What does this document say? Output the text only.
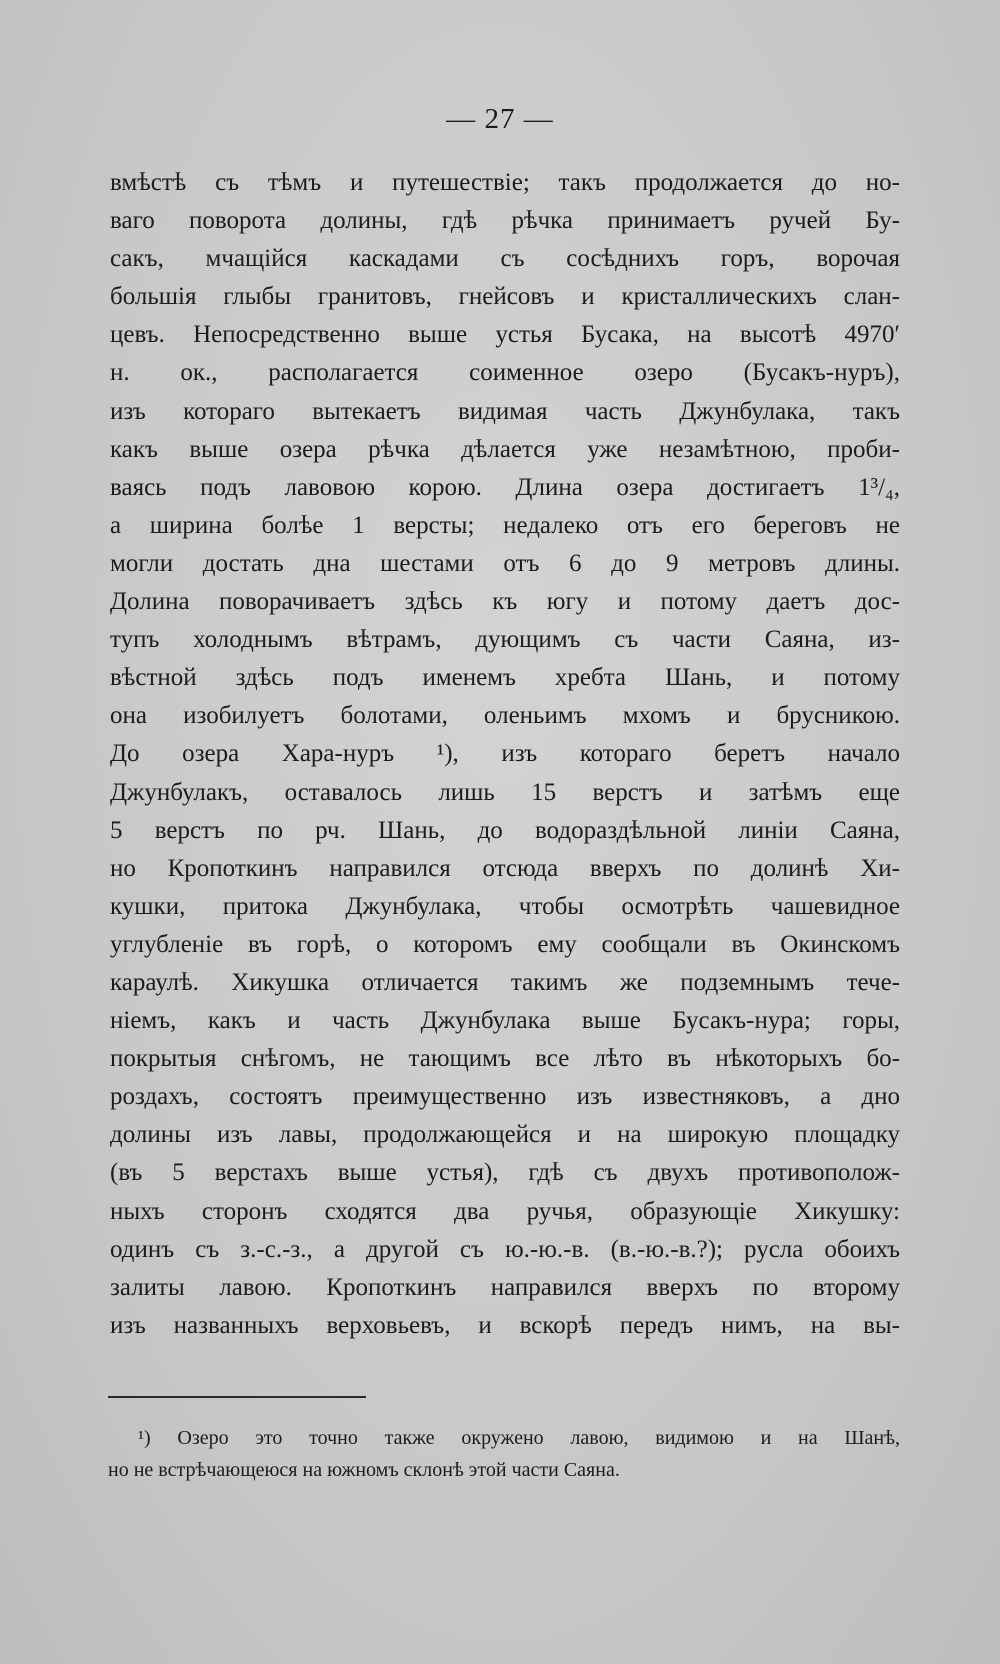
— 27 —
вмѣстѣ съ тѣмъ и путешествіе; такъ продолжается до но-
ваго поворота долины, гдѣ рѣчка принимаетъ ручей Бу-
сакъ, мчащійся каскадами съ сосѣднихъ горъ, ворочая
большія глыбы гранитовъ, гнейсовъ и кристаллическихъ слан-
цевъ. Непосредственно выше устья Бусака, на высотѣ 4970′
н. ок., располагается соименное озеро (Бусакъ-нуръ),
изъ котораго вытекаетъ видимая часть Джунбулака, такъ
какъ выше озера рѣчка дѣлается уже незамѣтною, проби-
ваясь подъ лавовою корою. Длина озера достигаетъ 1³/₄,
а ширина болѣе 1 версты; недалеко отъ его береговъ не
могли достать дна шестами отъ 6 до 9 метровъ длины.
Долина поворачиваетъ здѣсь къ югу и потому даетъ дос-
тупъ холоднымъ вѣтрамъ, дующимъ съ части Саяна, из-
вѣстной здѣсь подъ именемъ хребта Шань, и потому
она изобилуетъ болотами, оленьимъ мхомъ и брусникою.
До озера Хара-нуръ ¹), изъ котораго беретъ начало
Джунбулакъ, оставалось лишь 15 верстъ и затѣмъ еще
5 верстъ по рч. Шань, до водораздѣльной линіи Саяна,
но Кропоткинъ направился отсюда вверхъ по долинѣ Хи-
кушки, притока Джунбулака, чтобы осмотрѣть чашевидное
углубленіе въ горѣ, о которомъ ему сообщали въ Окинскомъ
караулѣ. Хикушка отличается такимъ же подземнымъ тече-
ніемъ, какъ и часть Джунбулака выше Бусакъ-нура; горы,
покрытыя снѣгомъ, не тающимъ все лѣто въ нѣкоторыхъ бо-
роздахъ, состоятъ преимущественно изъ известняковъ, а дно
долины изъ лавы, продолжающейся и на широкую площадку
(въ 5 верстахъ выше устья), гдѣ съ двухъ противополож-
ныхъ сторонъ сходятся два ручья, образующіе Хикушку:
одинъ съ з.-с.-з., а другой съ ю.-ю.-в. (в.-ю.-в.?); русла обоихъ
залиты лавою. Кропоткинъ направился вверхъ по второму
изъ названныхъ верховьевъ, и вскорѣ передъ нимъ, на вы-
¹) Озеро это точно также окружено лавою, видимою и на Шанѣ,
но не встрѣчающеюся на южномъ склонѣ этой части Саяна.
